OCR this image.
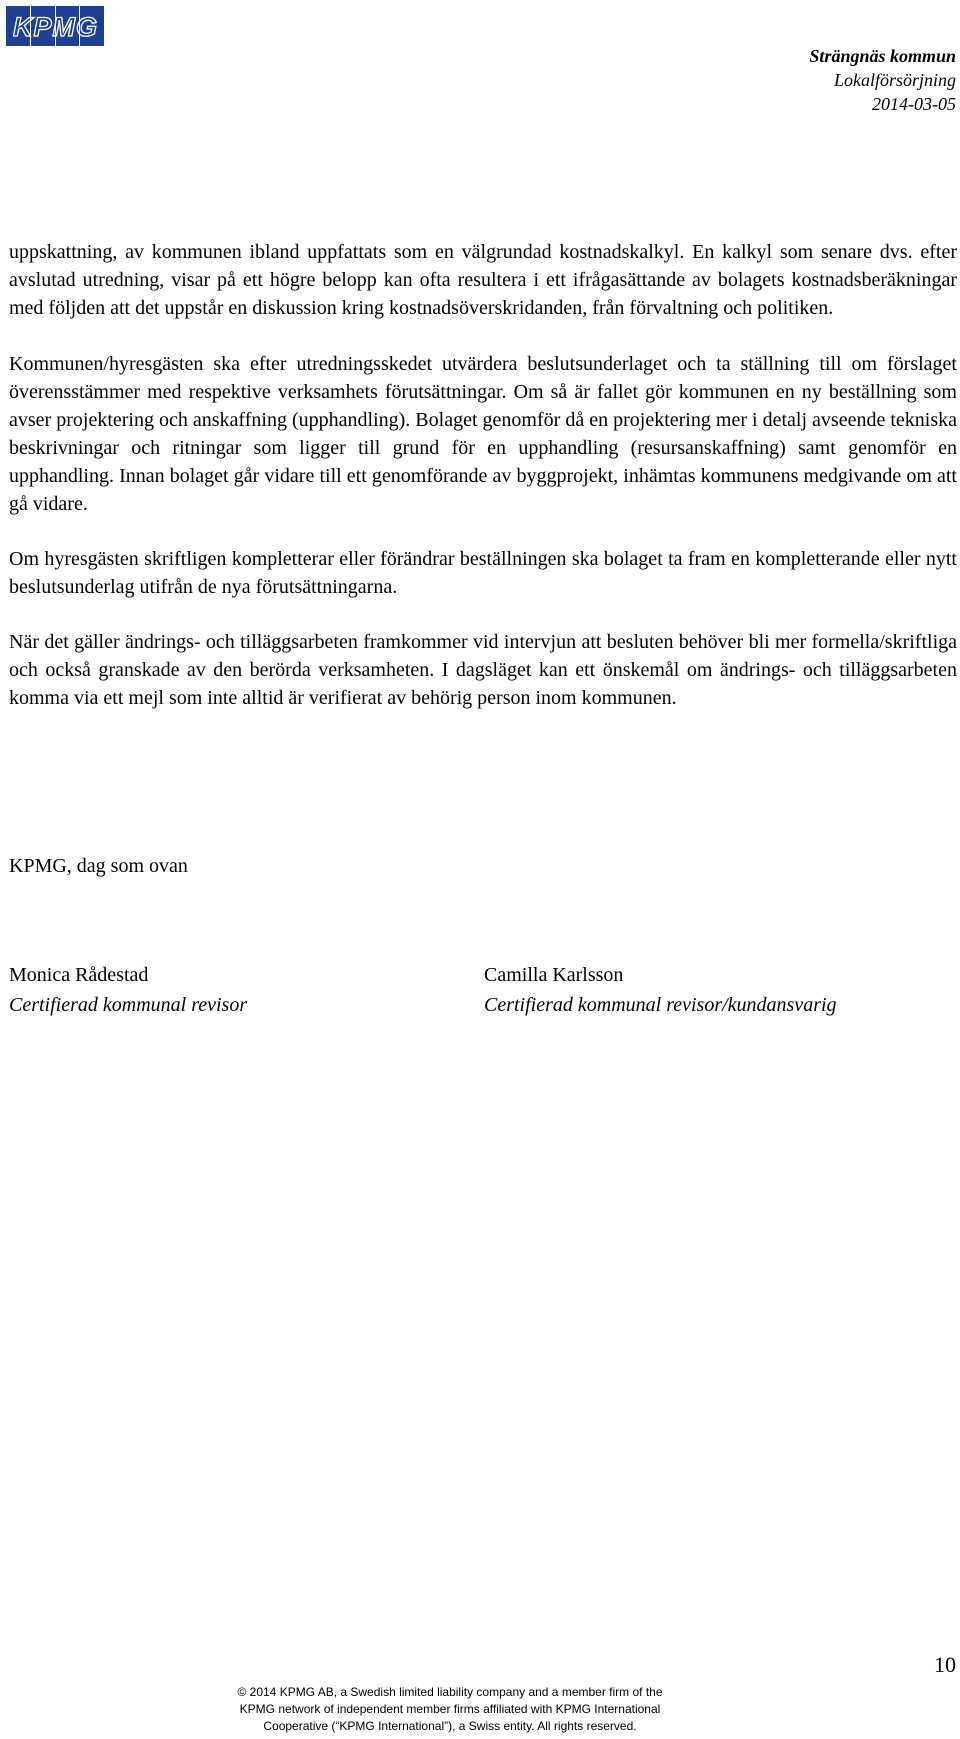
KPMG
Strängnäs kommun
Lokalförsörjning
2014-03-05

uppskattning, av kommunen ibland uppfattats som en välgrundad kostnadskalkyl. En kalkyl som senare dvs. efter avslutad utredning, visar på ett högre belopp kan ofta resultera i ett ifrågasättande av bolagets kostnadsberäkningar med följden att det uppstår en diskussion kring kostnadsöverskridanden, från förvaltning och politiken.

Kommunen/hyresgästen ska efter utredningsskedet utvärdera beslutsunderlaget och ta ställning till om förslaget överensstämmer med respektive verksamhets förutsättningar. Om så är fallet gör kommunen en ny beställning som avser projektering och anskaffning (upphandling). Bolaget genomför då en projektering mer i detalj avseende tekniska beskrivningar och ritningar som ligger till grund för en upphandling (resursanskaffning) samt genomför en upphandling. Innan bolaget går vidare till ett genomförande av byggprojekt, inhämtas kommunens medgivande om att gå vidare.

Om hyresgästen skriftligen kompletterar eller förändrar beställningen ska bolaget ta fram en kompletterande eller nytt beslutsunderlag utifrån de nya förutsättningarna.

När det gäller ändrings- och tilläggsarbeten framkommer vid intervjun att besluten behöver bli mer formella/skriftliga och också granskade av den berörda verksamheten. I dagsläget kan ett önskemål om ändrings- och tilläggsarbeten komma via ett mejl som inte alltid är verifierat av behörig person inom kommunen.

KPMG, dag som ovan
Monica Rådestad
Certifierad kommunal revisor
Camilla Karlsson
Certifierad kommunal revisor/kundansvarig
10
© 2014 KPMG AB, a Swedish limited liability company and a member firm of the
KPMG network of independent member firms affiliated with KPMG International
Cooperative (“KPMG International”), a Swiss entity. All rights reserved.
